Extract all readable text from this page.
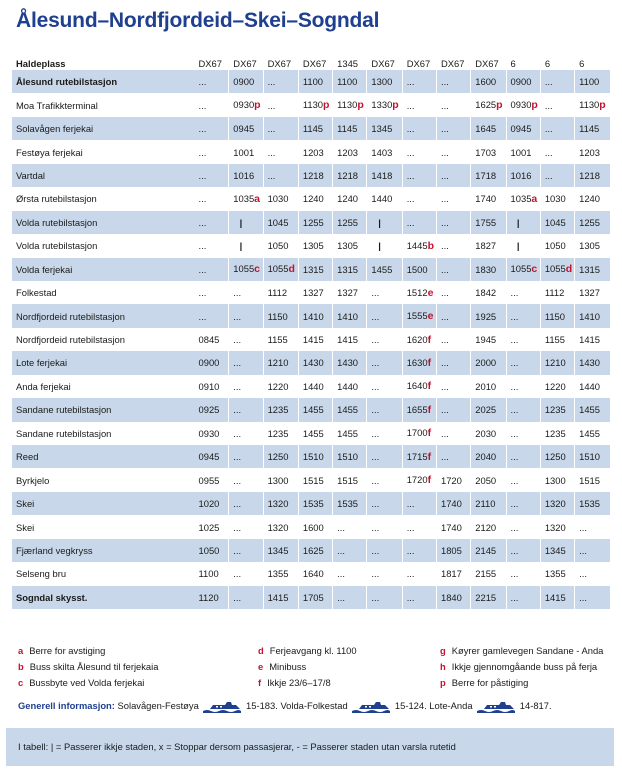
Ålesund–Nordfjordeid–Skei–Sogndal
Haldeplass	DX67	DX67	DX67	DX67	1345	DX67	DX67	DX67	DX67	6	6	6
Ålesund rutebilstasjon	...	0900	...	1100	1100	1300	...	...	1600	0900	...	1100
Moa Trafikkterminal	...	0930p	...	1130p	1130p	1330p	...	...	1625p	0930p	...	1130p
Solavågen ferjekai	...	0945	...	1145	1145	1345	...	...	1645	0945	...	1145
Festøya ferjekai	...	1001	...	1203	1203	1403	...	...	1703	1001	...	1203
Vartdal	...	1016	...	1218	1218	1418	...	...	1718	1016	...	1218
Ørsta rutebilstasjon	...	1035a	1030	1240	1240	1440	...	...	1740	1035a	1030	1240
Volda rutebilstasjon	...	|	1045	1255	1255	|	...	...	1755	|	1045	1255
Volda rutebilstasjon	...	|	1050	1305	1305	|	1445b	...	1827	|	1050	1305
Volda ferjekai	...	1055c	1055d	1315	1315	1455	1500	...	1830	1055c	1055d	1315
Folkestad	...	...	1112	1327	1327	...	1512e	...	1842	...	1112	1327
Nordfjordeid rutebilstasjon	...	...	1150	1410	1410	...	1555e	...	1925	...	1150	1410
Nordfjordeid rutebilstasjon	0845	...	1155	1415	1415	...	1620f	...	1945	...	1155	1415
Lote ferjekai	0900	...	1210	1430	1430	...	1630f	...	2000	...	1210	1430
Anda ferjekai	0910	...	1220	1440	1440	...	1640f	...	2010	...	1220	1440
Sandane rutebilstasjon	0925	...	1235	1455	1455	...	1655f	...	2025	...	1235	1455
Sandane rutebilstasjon	0930	...	1235	1455	1455	...	1700f	...	2030	...	1235	1455
Reed	0945	...	1250	1510	1510	...	1715f	...	2040	...	1250	1510
Byrkjelo	0955	...	1300	1515	1515	...	1720f	1720	2050	...	1300	1515
Skei	1020	...	1320	1535	1535	...	...	1740	2110	...	1320	1535
Skei	1025	...	1320	1600	...	...	...	1740	2120	...	1320	...
Fjærland vegkryss	1050	...	1345	1625	...	...	...	1805	2145	...	1345	...
Selseng bru	1100	...	1355	1640	...	...	...	1817	2155	...	1355	...
Sogndal skysst.	1120	...	1415	1705	...	...	...	1840	2215	...	1415	...
a Berre for avstiging
b Buss skilta Ålesund til ferjekaia
c Bussbyte ved Volda ferjekai
d Ferjeavgang kl. 1100
e Minibuss
f Ikkje 23/6–17/8
g Køyrer gamlevegen Sandane - Anda
h Ikkje gjennomgåande buss på ferja
p Berre for påstiging
Generell informasjon: Solavågen-Festøya	15-183. Volda-Folkestad	15-124. Lote-Anda	14-817.
I tabell: | = Passerer ikkje staden, x = Stoppar dersom passasjerar, - = Passerer staden utan varsla rutetid
